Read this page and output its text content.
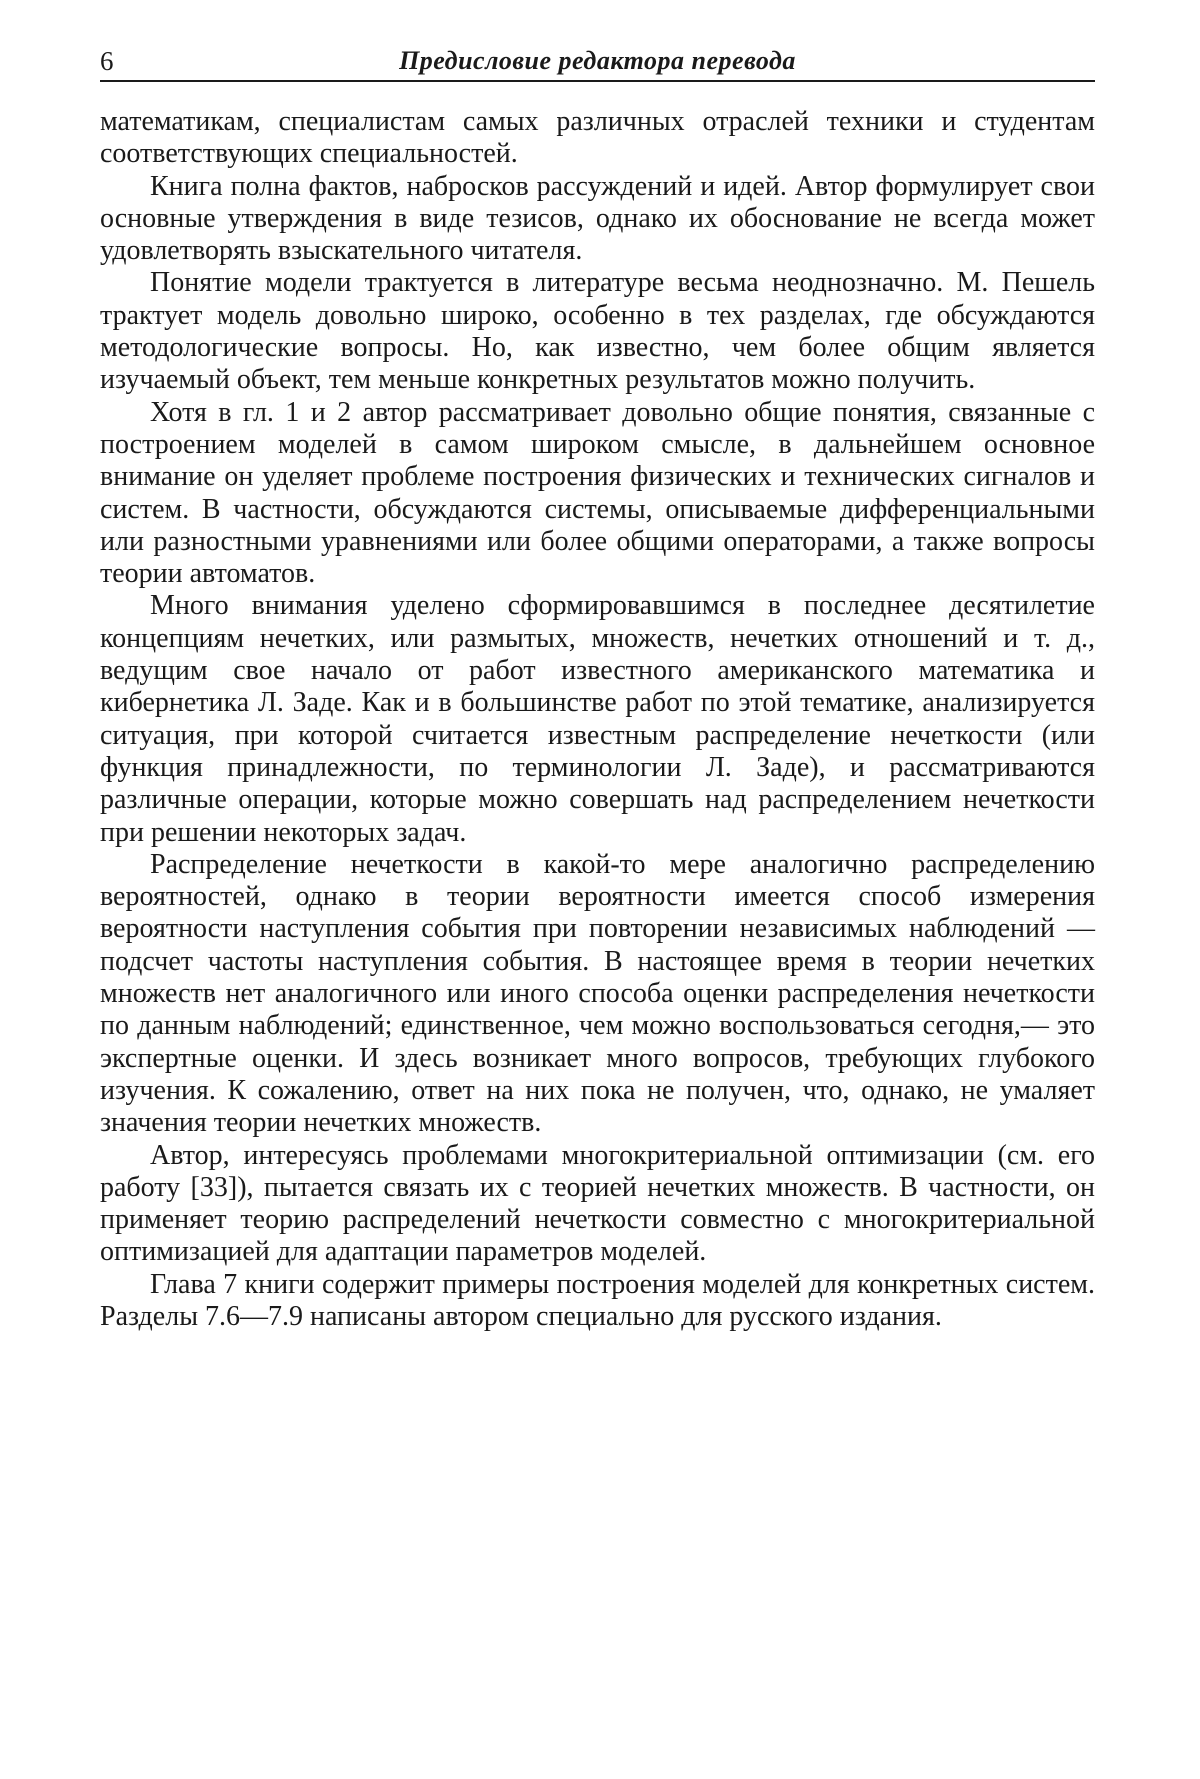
6	Предисловие редактора перевода

математикам, специалистам самых различных отраслей техники и студентам соответствующих специальностей.

Книга полна фактов, набросков рассуждений и идей. Автор формулирует свои основные утверждения в виде тезисов, однако их обоснование не всегда может удовлетворять взыскательного читателя.

Понятие модели трактуется в литературе весьма неоднозначно. М. Пешель трактует модель довольно широко, особенно в тех разделах, где обсуждаются методологические вопросы. Но, как известно, чем более общим является изучаемый объект, тем меньше конкретных результатов можно получить.

Хотя в гл. 1 и 2 автор рассматривает довольно общие понятия, связанные с построением моделей в самом широком смысле, в дальнейшем основное внимание он уделяет проблеме построения физических и технических сигналов и систем. В частности, обсуждаются системы, описываемые дифференциальными или разностными уравнениями или более общими операторами, а также вопросы теории автоматов.

Много внимания уделено сформировавшимся в последнее десятилетие концепциям нечетких, или размытых, множеств, нечетких отношений и т. д., ведущим свое начало от работ известного американского математика и кибернетика Л. Заде. Как и в большинстве работ по этой тематике, анализируется ситуация, при которой считается известным распределение нечеткости (или функция принадлежности, по терминологии Л. Заде), и рассматриваются различные операции, которые можно совершать над распределением нечеткости при решении некоторых задач.

Распределение нечеткости в какой-то мере аналогично распределению вероятностей, однако в теории вероятности имеется способ измерения вероятности наступления события при повторении независимых наблюдений — подсчет частоты наступления события. В настоящее время в теории нечетких множеств нет аналогичного или иного способа оценки распределения нечеткости по данным наблюдений; единственное, чем можно воспользоваться сегодня,— это экспертные оценки. И здесь возникает много вопросов, требующих глубокого изучения. К сожалению, ответ на них пока не получен, что, однако, не умаляет значения теории нечетких множеств.

Автор, интересуясь проблемами многокритериальной оптимизации (см. его работу [33]), пытается связать их с теорией нечетких множеств. В частности, он применяет теорию распределений нечеткости совместно с многокритериальной оптимизацией для адаптации параметров моделей.

Глава 7 книги содержит примеры построения моделей для конкретных систем. Разделы 7.6—7.9 написаны автором специально для русского издания.
